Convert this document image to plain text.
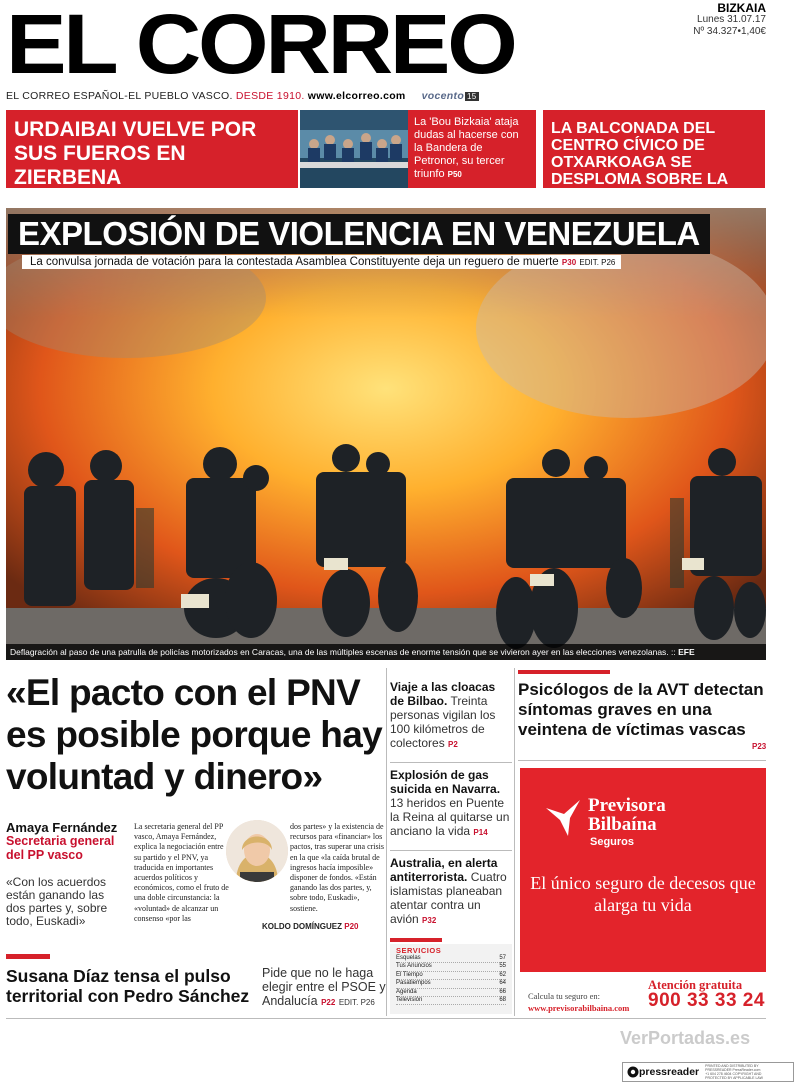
EL CORREO	BIZKAIA
Lunes 31.07.17
Nº 34.327•1,40€
EL CORREO ESPAÑOL-EL PUEBLO VASCO. DESDE 1910. www.elcorreo.com vocento 15
URDAIBAI VUELVE POR SUS FUEROS EN ZIERBENA
La 'Bou Bizkaia' ataja dudas al hacerse con la Bandera de Petronor, su tercer triunfo P50
LA BALCONADA DEL CENTRO CÍVICO DE OTXARKOAGA SE DESPLOMA SOBRE LA ACERA P4
EXPLOSIÓN DE VIOLENCIA EN VENEZUELA
La convulsa jornada de votación para la contestada Asamblea Constituyente deja un reguero de muerte P30 EDIT. P26
Deflagración al paso de una patrulla de policías motorizados en Caracas, una de las múltiples escenas de enorme tensión que se vivieron ayer en las elecciones venezolanas. :: EFE
«El pacto con el PNV es posible porque hay voluntad y dinero»
Amaya Fernández
Secretaria general del PP vasco
«Con los acuerdos están ganando las dos partes y, sobre todo, Euskadi»
La secretaria general del PP vasco, Amaya Fernández, explica la negociación entre su partido y el PNV, ya traducida en importantes acuerdos políticos y económicos, como el fruto de una doble circunstancia: la «voluntad» de alcanzar un consenso «por las
dos partes» y la existencia de recursos para «financiar» los pactos, tras superar una crisis en la que «la caída brutal de ingresos hacía imposible» disponer de fondos. «Están ganando las dos partes, y, sobre todo, Euskadi», sostiene.
KOLDO DOMÍNGUEZ P20
Susana Díaz tensa el pulso territorial con Pedro Sánchez
Pide que no le haga elegir entre el PSOE y Andalucía P22 EDIT. P26
Viaje a las cloacas de Bilbao. Treinta personas vigilan los 100 kilómetros de colectores P2
Explosión de gas suicida en Navarra. 13 heridos en Puente la Reina al quitarse un anciano la vida P14
Australia, en alerta antiterrorista. Cuatro islamistas planeaban atentar contra un avión P32
SERVICIOS
Esquelas	57
Tus Anuncios	55
El Tiempo	62
Pasatiempos	64
Agenda	66
Televisión	68
Psicólogos de la AVT detectan síntomas graves en una veintena de víctimas vascas
P23
Previsora
Bilbaína
Seguros
El único seguro de decesos que alarga tu vida
Atención gratuita
900 33 33 24
Calcula tu seguro en:
www.previsorabilbaina.com
VerPortadas.es
pressreader PRINTED AND DISTRIBUTED BY PRESSREADER PressReader.com +1 604 278 4604 COPYRIGHT AND PROTECTED BY APPLICABLE LAW
